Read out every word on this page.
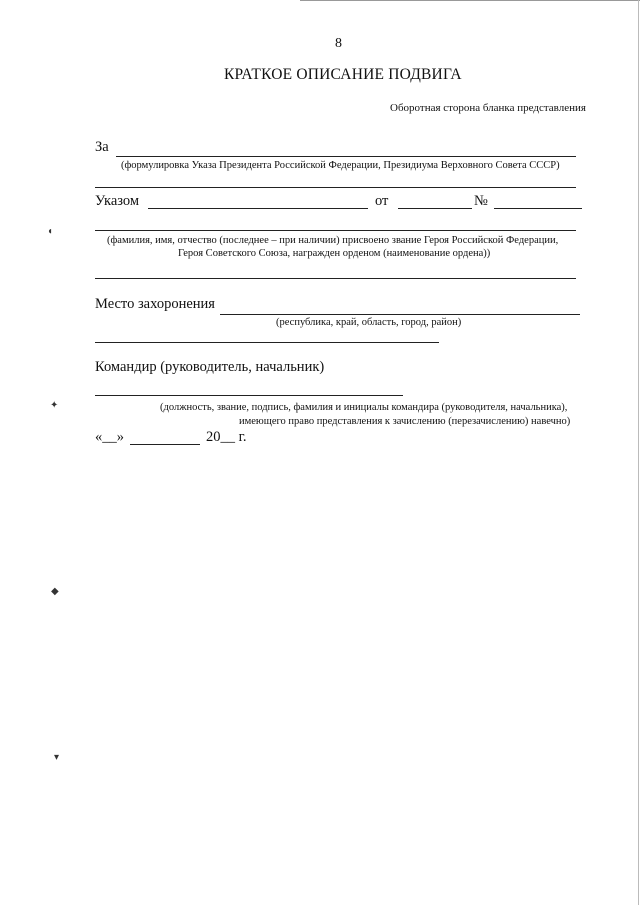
8
КРАТКОЕ ОПИСАНИЕ ПОДВИГА
Оборотная сторона бланка представления
За
(формулировка Указа Президента Российской Федерации, Президиума Верховного Совета СССР)
Указом	от	№
(фамилия, имя, отчество (последнее – при наличии) присвоено звание Героя Российской Федерации,
Героя Советского Союза, награжден орденом (наименование ордена))
Место захоронения
(республика, край, область, город, район)
Командир (руководитель, начальник)
(должность, звание, подпись, фамилия и инициалы командира (руководителя, начальника),
имеющего право представления к зачислению (перезачислению) навечно)
«__»	20__ г.
◖
✦
◆
▾
